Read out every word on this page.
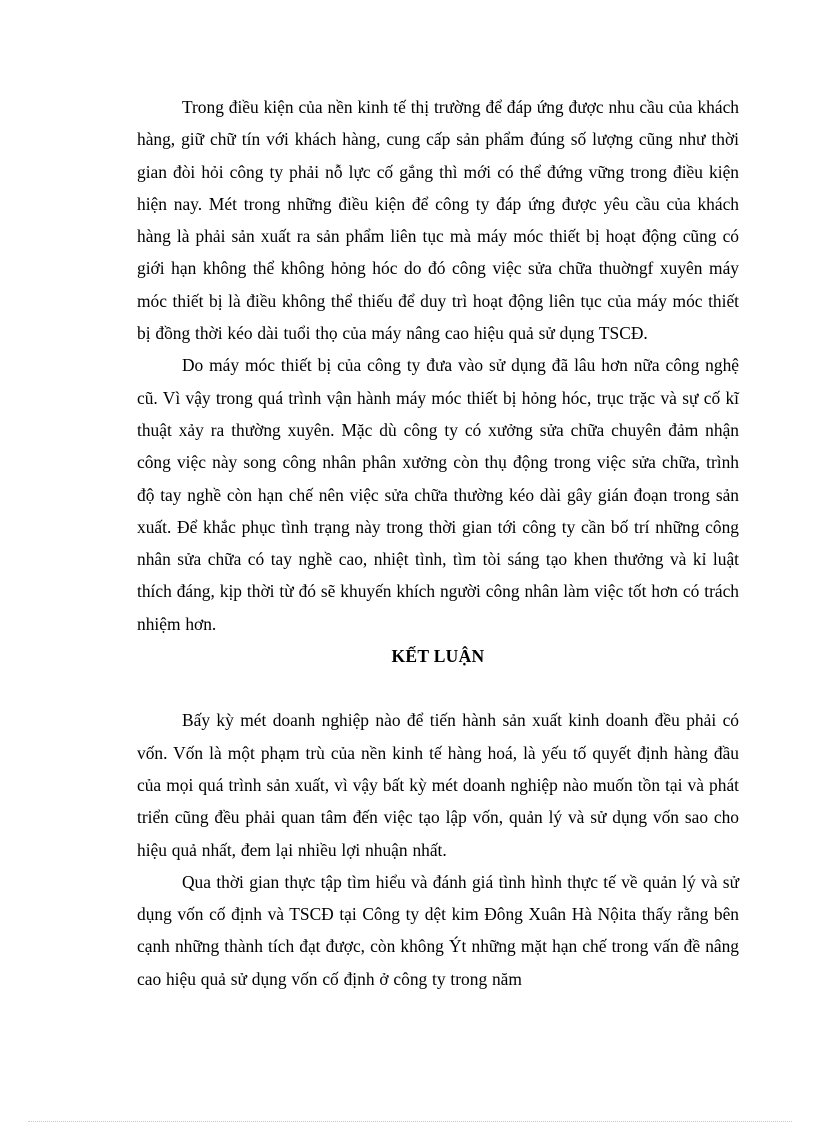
Trong điều kiện của nền kinh tế thị trường để đáp ứng được nhu cầu của khách hàng, giữ chữ tín với khách hàng, cung cấp sản phẩm đúng số lượng cũng như thời gian đòi hỏi công ty phải nỗ lực cố gắng thì mới có thể đứng vững trong điều kiện hiện nay. Mét trong những điều kiện để công ty đáp ứng được yêu cầu của khách hàng là phải sản xuất ra sản phẩm liên tục mà máy móc thiết bị hoạt động cũng có giới hạn không thể không hỏng hóc do đó công việc sửa chữa thuờngf xuyên máy móc thiết bị là điều không thể thiếu để duy trì hoạt động liên tục của máy móc thiết bị đồng thời kéo dài tuổi thọ của máy nâng cao hiệu quả sử dụng TSCĐ.

Do máy móc thiết bị của công ty đưa vào sử dụng đã lâu hơn nữa công nghệ cũ. Vì vậy trong quá trình vận hành máy móc thiết bị hỏng hóc, trục trặc và sự cố kĩ thuật xảy ra thường xuyên. Mặc dù công ty có xưởng sửa chữa chuyên đảm nhận công việc này song công nhân phân xưởng còn thụ động trong việc sửa chữa, trình độ tay nghề còn hạn chế nên việc sửa chữa thường kéo dài gây gián đoạn trong sản xuất. Để khắc phục tình trạng này trong thời gian tới công ty cần bố trí những công nhân sửa chữa có tay nghề cao, nhiệt tình, tìm tòi sáng tạo khen thưởng và kỉ luật thích đáng, kịp thời từ đó sẽ khuyến khích người công nhân làm việc tốt hơn có trách nhiệm hơn.

KẾT LUẬN

Bấy kỳ mét doanh nghiệp nào để tiến hành sản xuất kinh doanh đều phải có vốn. Vốn là một phạm trù của nền kinh tế hàng hoá, là yếu tố quyết định hàng đầu của mọi quá trình sản xuất, vì vậy bất kỳ mét doanh nghiệp nào muốn tồn tại và phát triển cũng đều phải quan tâm đến việc tạo lập vốn, quản lý và sử dụng vốn sao cho hiệu quả nhất, đem lại nhiều lợi nhuận nhất.

Qua thời gian thực tập tìm hiểu và đánh giá tình hình thực tế về quản lý và sử dụng vốn cố định và TSCĐ tại Công ty dệt kim Đông Xuân Hà Nộita thấy rằng bên cạnh những thành tích đạt được, còn không Ýt những mặt hạn chế trong vấn đề nâng cao hiệu quả sử dụng vốn cố định ở công ty trong năm
